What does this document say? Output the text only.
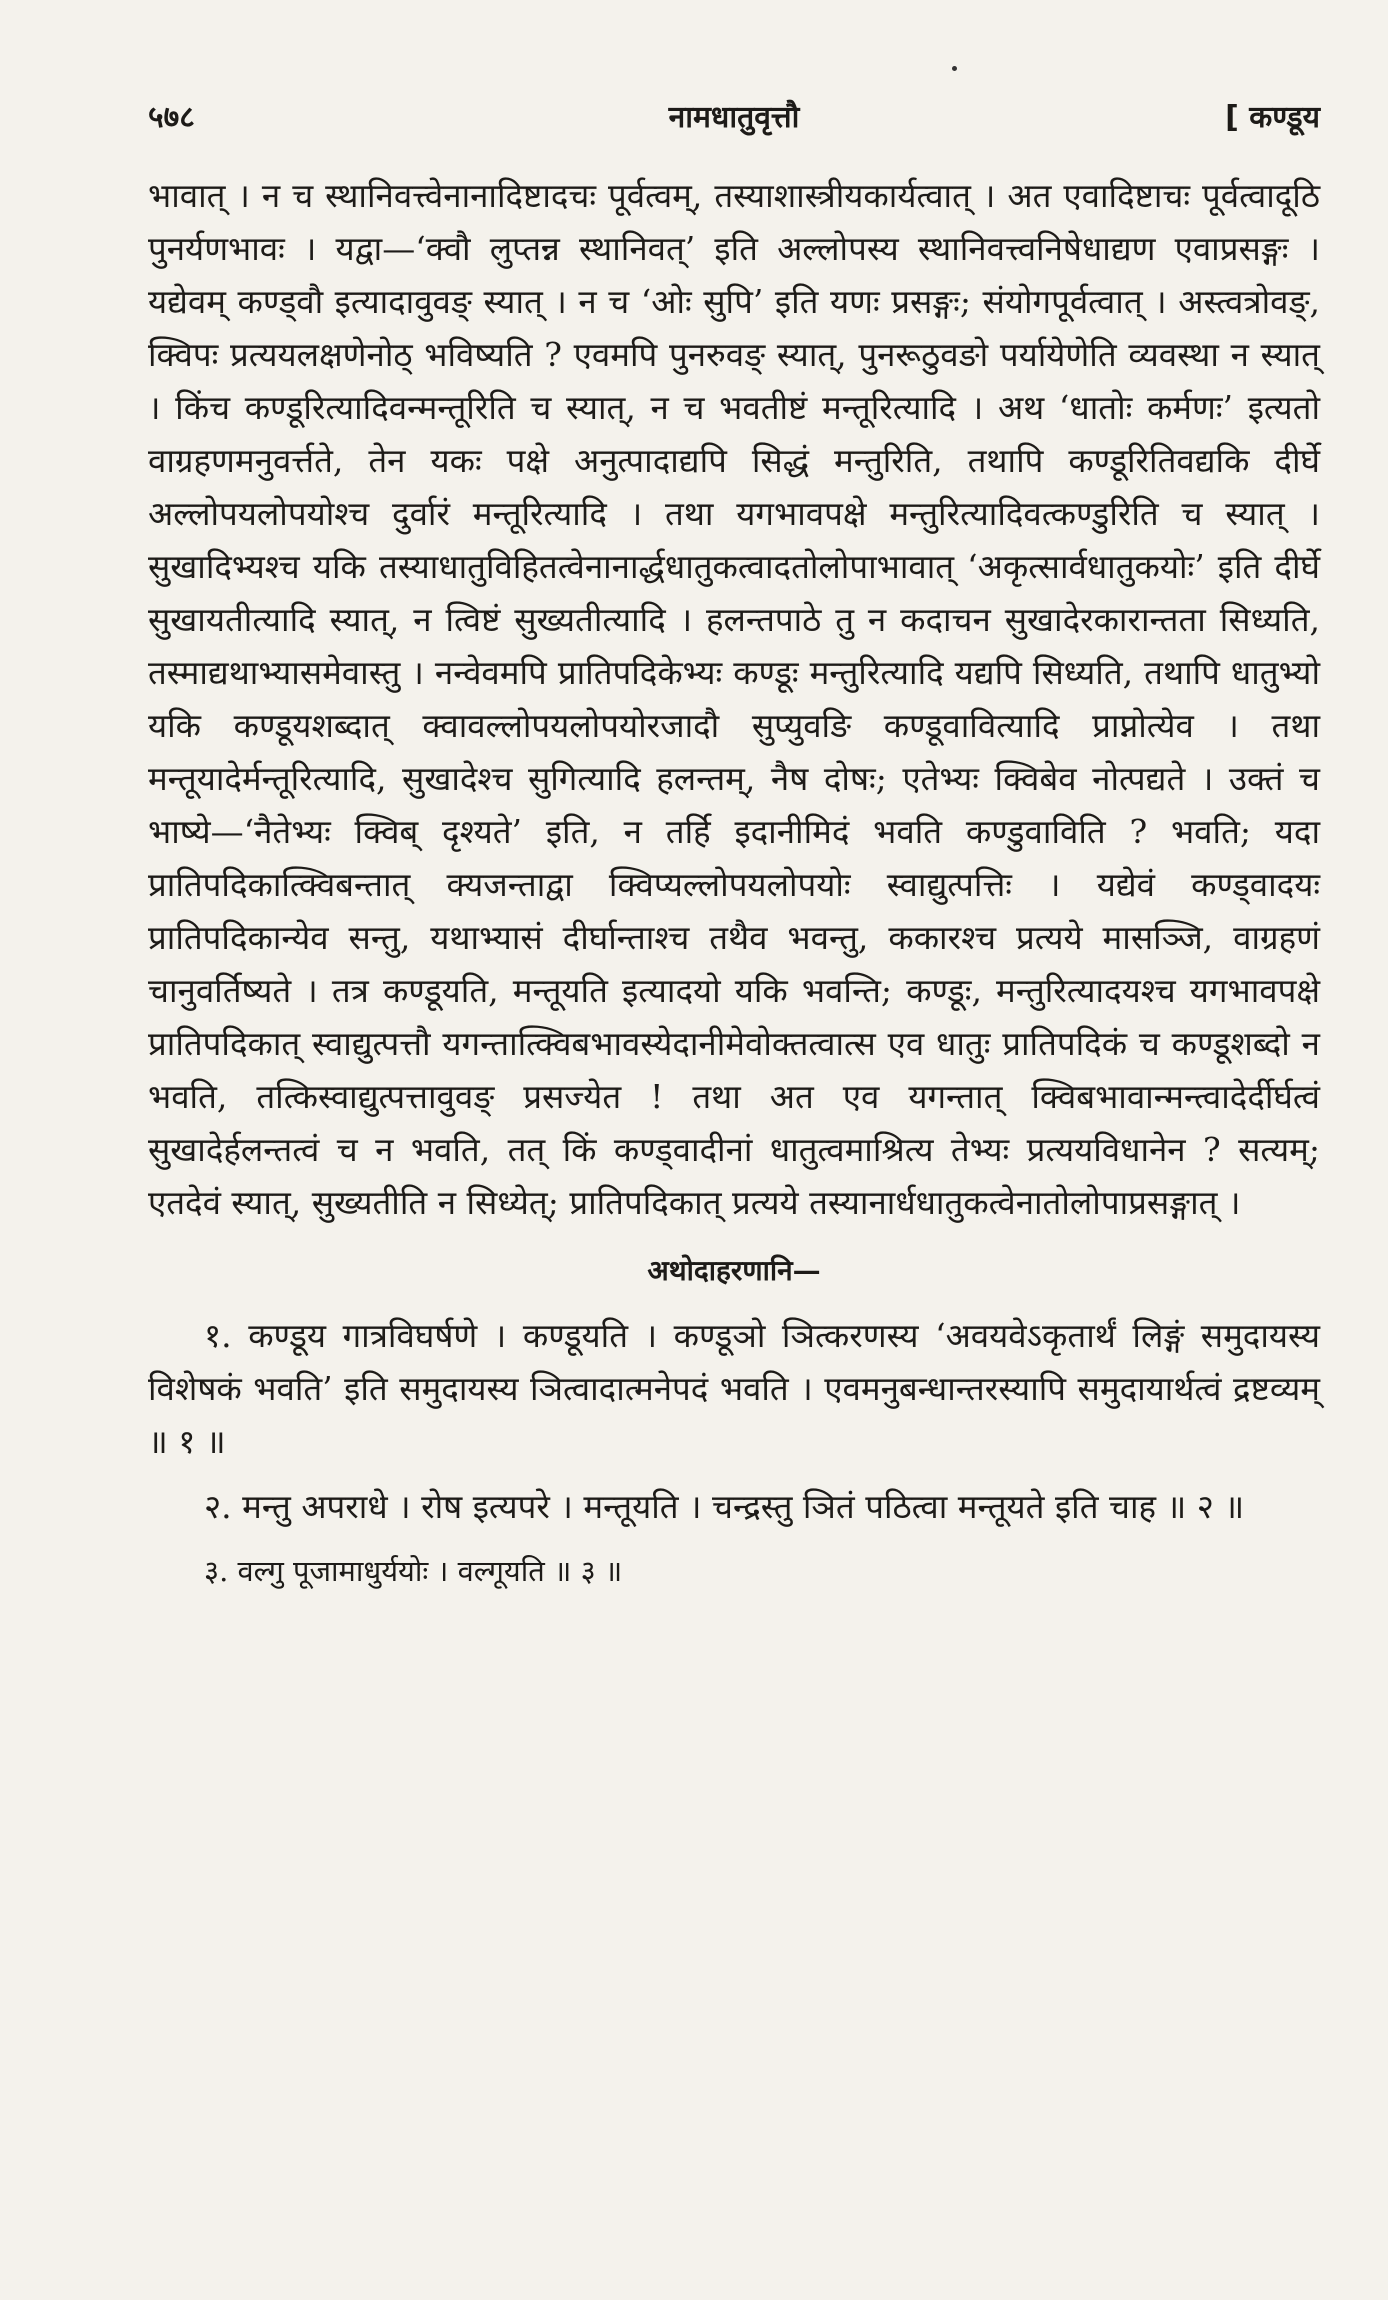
५७८	नामधातुवृत्तौ	[ कण्डूय

भावात् । न च स्थानिवत्त्वेनानादिष्टादचः पूर्वत्वम्, तस्याशास्त्रीयकार्यत्वात् । अत एवादिष्टाचः पूर्वत्वादूठि पुनर्यणभावः । यद्वा—‘क्वौ लुप्तन्न स्थानिवत्’ इति अल्लोपस्य स्थानिवत्त्वनिषेधाद्यण एवाप्रसङ्गः । यद्येवम् कण्ड्वौ इत्यादावुवङ् स्यात् । न च ‘ओः सुपि’ इति यणः प्रसङ्गः; संयोगपूर्वत्वात् । अस्त्वत्रोवङ्, क्विपः प्रत्ययलक्षणेनोठ् भविष्यति ? एवमपि पुनरुवङ् स्यात्, पुनरूठुवङो पर्यायेणेति व्यवस्था न स्यात् । किंच कण्डूरित्यादिवन्मन्तूरिति च स्यात्, न च भवतीष्टं मन्तूरित्यादि । अथ ‘धातोः कर्मणः’ इत्यतो वाग्रहणमनुवर्त्तते, तेन यकः पक्षे अनुत्पादाद्यपि सिद्धं मन्तुरिति, तथापि कण्डूरितिवद्यकि दीर्घे अल्लोपयलोपयोश्च दुर्वारं मन्तूरित्यादि । तथा यगभावपक्षे मन्तुरित्यादिवत्कण्डुरिति च स्यात् । सुखादिभ्यश्च यकि तस्याधातुविहितत्वेनानार्द्धधातुकत्वादतोलोपाभावात् ‘अकृत्सार्वधातुकयोः’ इति दीर्घे सुखायतीत्यादि स्यात्, न त्विष्टं सुख्यतीत्यादि । हलन्तपाठे तु न कदाचन सुखादेरकारान्तता सिध्यति, तस्माद्यथाभ्यासमेवास्तु । नन्वेवमपि प्रातिपदिकेभ्यः कण्डूः मन्तुरित्यादि यद्यपि सिध्यति, तथापि धातुभ्यो यकि कण्डूयशब्दात् क्वावल्लोपयलोपयोरजादौ सुप्युवङि कण्डूवावित्यादि प्राप्नोत्येव । तथा मन्तूयादेर्मन्तूरित्यादि, सुखादेश्च सुगित्यादि हलन्तम्, नैष दोषः; एतेभ्यः क्विबेव नोत्पद्यते । उक्तं च भाष्ये—‘नैतेभ्यः क्विब् दृश्यते’ इति, न तर्हि इदानीमिदं भवति कण्डुवाविति ? भवति; यदा प्रातिपदिकात्क्विबन्तात् क्यजन्ताद्वा क्विप्यल्लोपयलोपयोः स्वाद्युत्पत्तिः । यद्येवं कण्ड्वादयः प्रातिपदिकान्येव सन्तु, यथाभ्यासं दीर्घान्ताश्च तथैव भवन्तु, ककारश्च प्रत्यये मासञ्जि, वाग्रहणं चानुवर्तिष्यते । तत्र कण्डूयति, मन्तूयति इत्यादयो यकि भवन्ति; कण्डूः, मन्तुरित्यादयश्च यगभावपक्षे प्रातिपदिकात् स्वाद्युत्पत्तौ यगन्तात्क्विबभावस्येदानीमेवोक्तत्वात्स एव धातुः प्रातिपदिकं च कण्डूशब्दो न भवति, तत्किस्वाद्युत्पत्तावुवङ् प्रसज्येत ! तथा अत एव यगन्तात् क्विबभावान्मन्त्वादेर्दीर्घत्वं सुखादेर्हलन्तत्वं च न भवति, तत् किं कण्ड्वादीनां धातुत्वमाश्रित्य तेभ्यः प्रत्ययविधानेन ? सत्यम्; एतदेवं स्यात्, सुख्यतीति न सिध्येत्; प्रातिपदिकात् प्रत्यये तस्यानार्धधातुकत्वेनातोलोपाप्रसङ्गात् ।

अथोदाहरणानि—

१. कण्डूय गात्रविघर्षणे । कण्डूयति । कण्डूञो ञित्करणस्य ‘अवयवेऽकृतार्थं लिङ्गं समुदायस्य विशेषकं भवति’ इति समुदायस्य ञित्वादात्मनेपदं भवति । एवमनुबन्धान्तरस्यापि समुदायार्थत्वं द्रष्टव्यम् ॥ १ ॥

२. मन्तु अपराधे । रोष इत्यपरे । मन्तूयति । चन्द्रस्तु ञितं पठित्वा मन्तूयते इति चाह ॥ २ ॥

३. वल्गु पूजामाधुर्ययोः । वल्गूयति ॥ ३ ॥
